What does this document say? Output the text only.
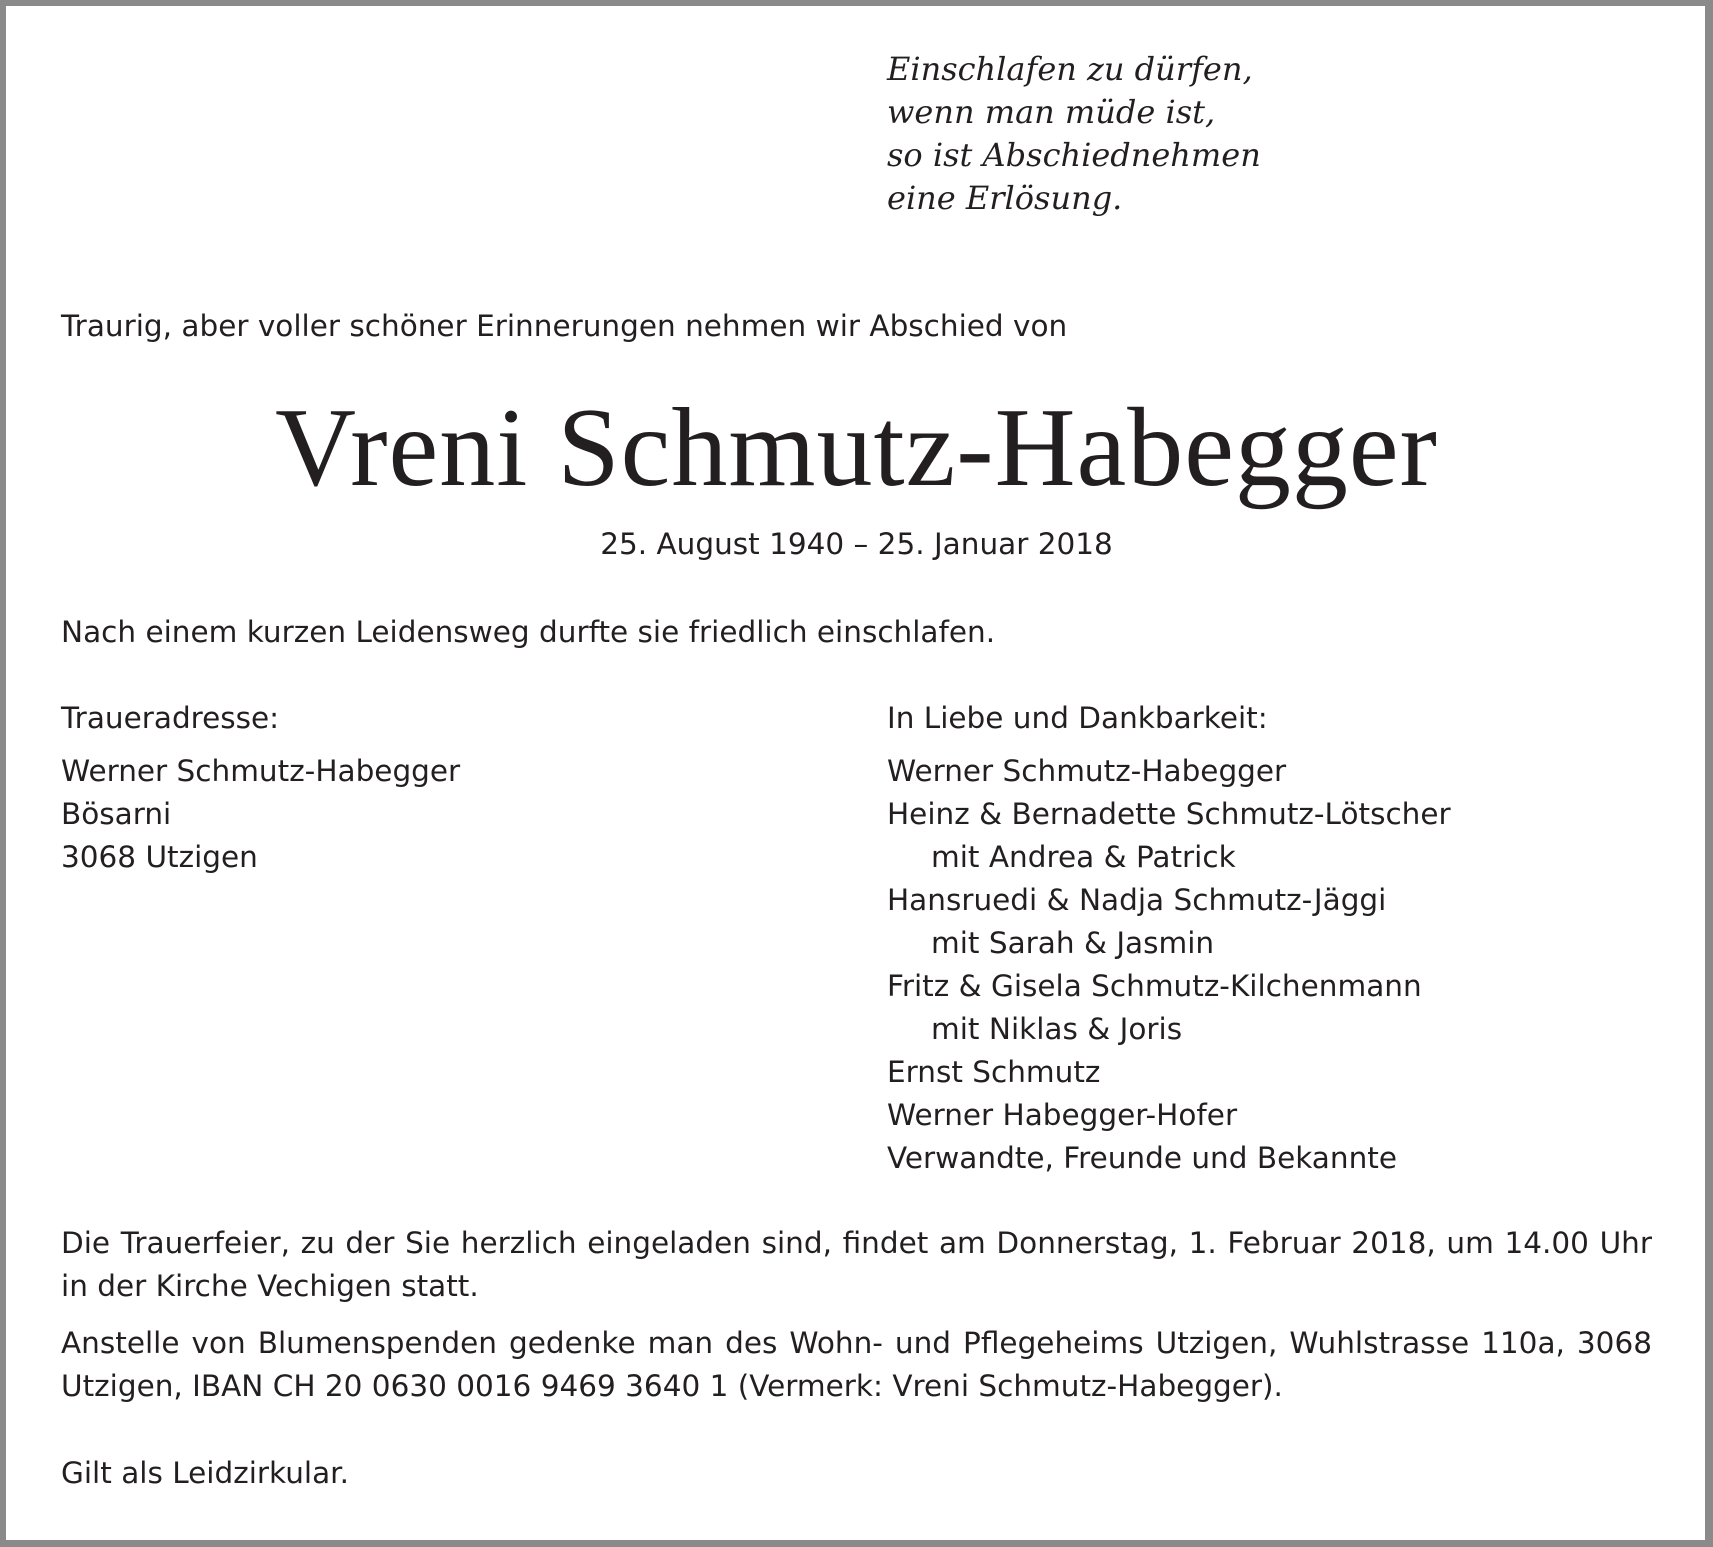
Einschlafen zu dürfen,
wenn man müde ist,
so ist Abschiednehmen
eine Erlösung.
Traurig, aber voller schöner Erinnerungen nehmen wir Abschied von
Vreni Schmutz-Habegger
25. August 1940 – 25. Januar 2018
Nach einem kurzen Leidensweg durfte sie friedlich einschlafen.
Traueradresse:
Werner Schmutz-Habegger
Bösarni
3068 Utzigen
In Liebe und Dankbarkeit:
Werner Schmutz-Habegger
Heinz & Bernadette Schmutz-Lötscher
mit Andrea & Patrick
Hansruedi & Nadja Schmutz-Jäggi
mit Sarah & Jasmin
Fritz & Gisela Schmutz-Kilchenmann
mit Niklas & Joris
Ernst Schmutz
Werner Habegger-Hofer
Verwandte, Freunde und Bekannte
Die Trauerfeier, zu der Sie herzlich eingeladen sind, findet am Donnerstag, 1. Februar 2018, um 14.00 Uhr in der Kirche Vechigen statt.
Anstelle von Blumenspenden gedenke man des Wohn- und Pflegeheims Utzigen, Wuhlstrasse 110a, 3068 Utzigen, IBAN CH 20 0630 0016 9469 3640 1 (Vermerk: Vreni Schmutz-Habegger).
Gilt als Leidzirkular.
